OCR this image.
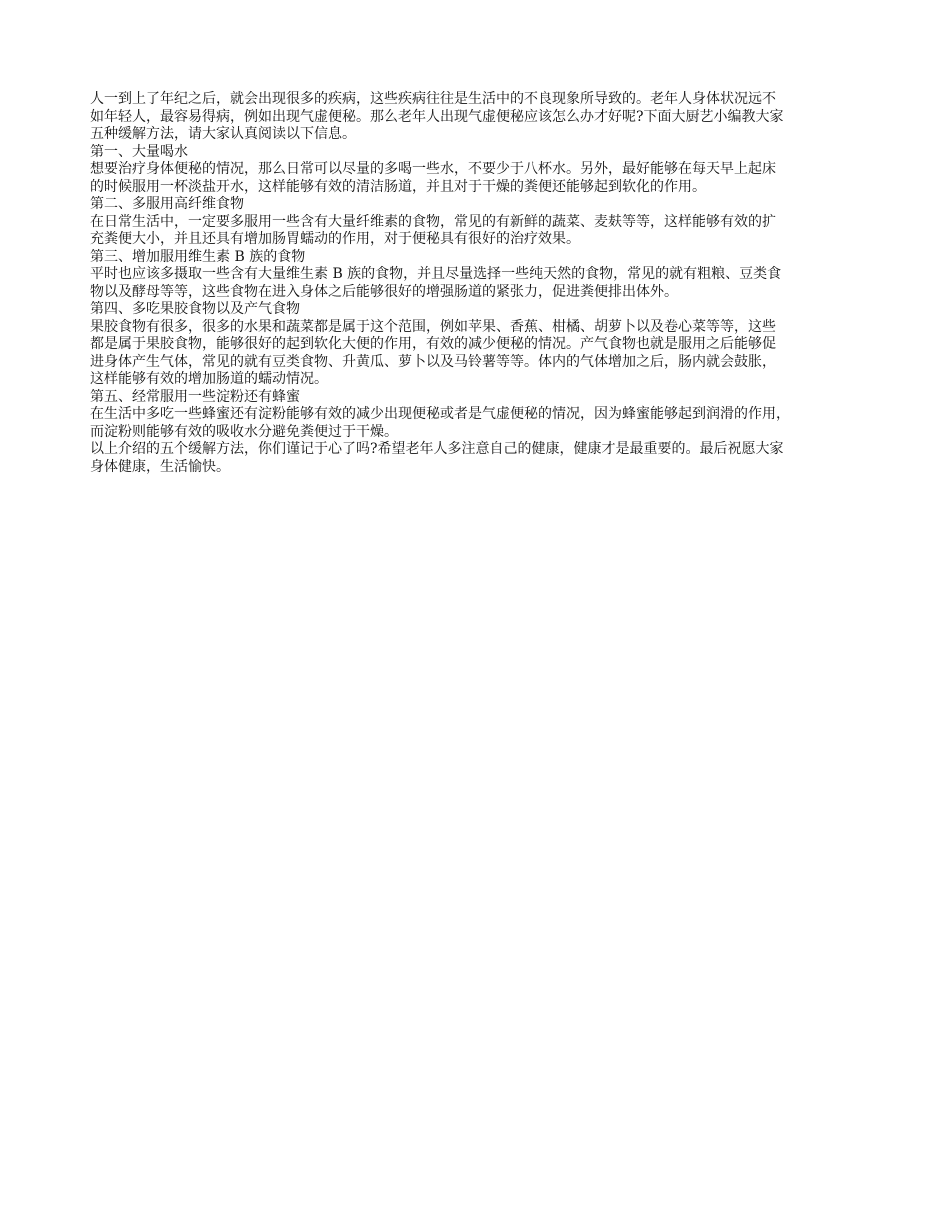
人一到上了年纪之后，就会出现很多的疾病，这些疾病往往是生活中的不良现象所导致的。老年人身体状况远不
如年轻人，最容易得病，例如出现气虚便秘。那么老年人出现气虚便秘应该怎么办才好呢?下面大厨艺小编教大家
五种缓解方法，请大家认真阅读以下信息。
第一、大量喝水
想要治疗身体便秘的情况，那么日常可以尽量的多喝一些水，不要少于八杯水。另外，最好能够在每天早上起床
的时候服用一杯淡盐开水，这样能够有效的清洁肠道，并且对于干燥的粪便还能够起到软化的作用。
第二、多服用高纤维食物
在日常生活中，一定要多服用一些含有大量纤维素的食物，常见的有新鲜的蔬菜、麦麸等等，这样能够有效的扩
充粪便大小，并且还具有增加肠胃蠕动的作用，对于便秘具有很好的治疗效果。
第三、增加服用维生素 B 族的食物
平时也应该多摄取一些含有大量维生素 B 族的食物，并且尽量选择一些纯天然的食物，常见的就有粗粮、豆类食
物以及酵母等等，这些食物在进入身体之后能够很好的增强肠道的紧张力，促进粪便排出体外。
第四、多吃果胶食物以及产气食物
果胶食物有很多，很多的水果和蔬菜都是属于这个范围，例如苹果、香蕉、柑橘、胡萝卜以及卷心菜等等，这些
都是属于果胶食物，能够很好的起到软化大便的作用，有效的减少便秘的情况。产气食物也就是服用之后能够促
进身体产生气体，常见的就有豆类食物、升黄瓜、萝卜以及马铃薯等等。体内的气体增加之后，肠内就会鼓胀，
这样能够有效的增加肠道的蠕动情况。
第五、经常服用一些淀粉还有蜂蜜
在生活中多吃一些蜂蜜还有淀粉能够有效的减少出现便秘或者是气虚便秘的情况，因为蜂蜜能够起到润滑的作用，
而淀粉则能够有效的吸收水分避免粪便过于干燥。
以上介绍的五个缓解方法，你们谨记于心了吗?希望老年人多注意自己的健康，健康才是最重要的。最后祝愿大家
身体健康，生活愉快。
